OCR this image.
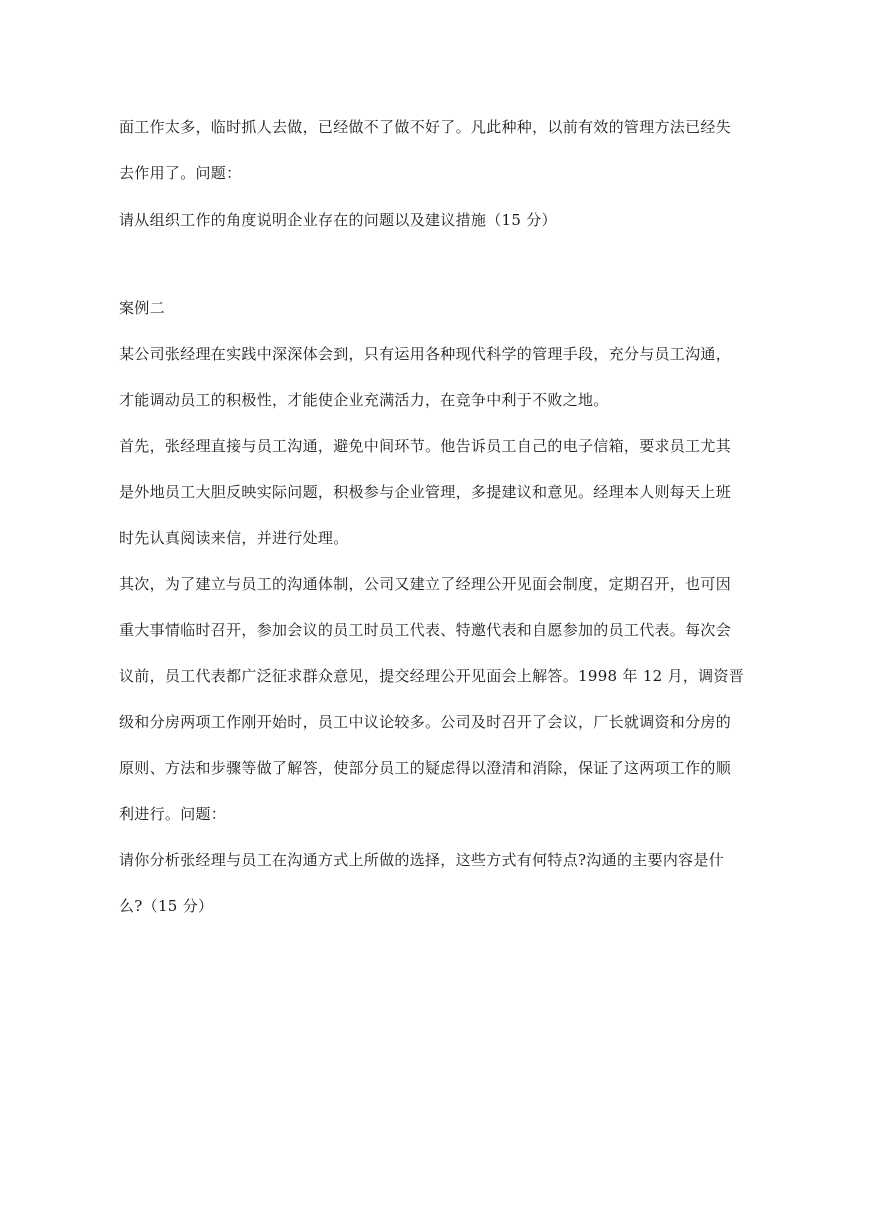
面工作太多，临时抓人去做，已经做不了做不好了。凡此种种，以前有效的管理方法已经失
去作用了。问题：
请从组织工作的角度说明企业存在的问题以及建议措施（15 分）
案例二
某公司张经理在实践中深深体会到，只有运用各种现代科学的管理手段，充分与员工沟通，
才能调动员工的积极性，才能使企业充满活力，在竞争中利于不败之地。
首先，张经理直接与员工沟通，避免中间环节。他告诉员工自己的电子信箱，要求员工尤其
是外地员工大胆反映实际问题，积极参与企业管理，多提建议和意见。经理本人则每天上班
时先认真阅读来信，并进行处理。
其次，为了建立与员工的沟通体制，公司又建立了经理公开见面会制度，定期召开，也可因
重大事情临时召开，参加会议的员工时员工代表、特邀代表和自愿参加的员工代表。每次会
议前，员工代表都广泛征求群众意见，提交经理公开见面会上解答。1998 年 12 月，调资晋
级和分房两项工作刚开始时，员工中议论较多。公司及时召开了会议，厂长就调资和分房的
原则、方法和步骤等做了解答，使部分员工的疑虑得以澄清和消除，保证了这两项工作的顺
利进行。问题：
请你分析张经理与员工在沟通方式上所做的选择，这些方式有何特点?沟通的主要内容是什
么?（15 分）
